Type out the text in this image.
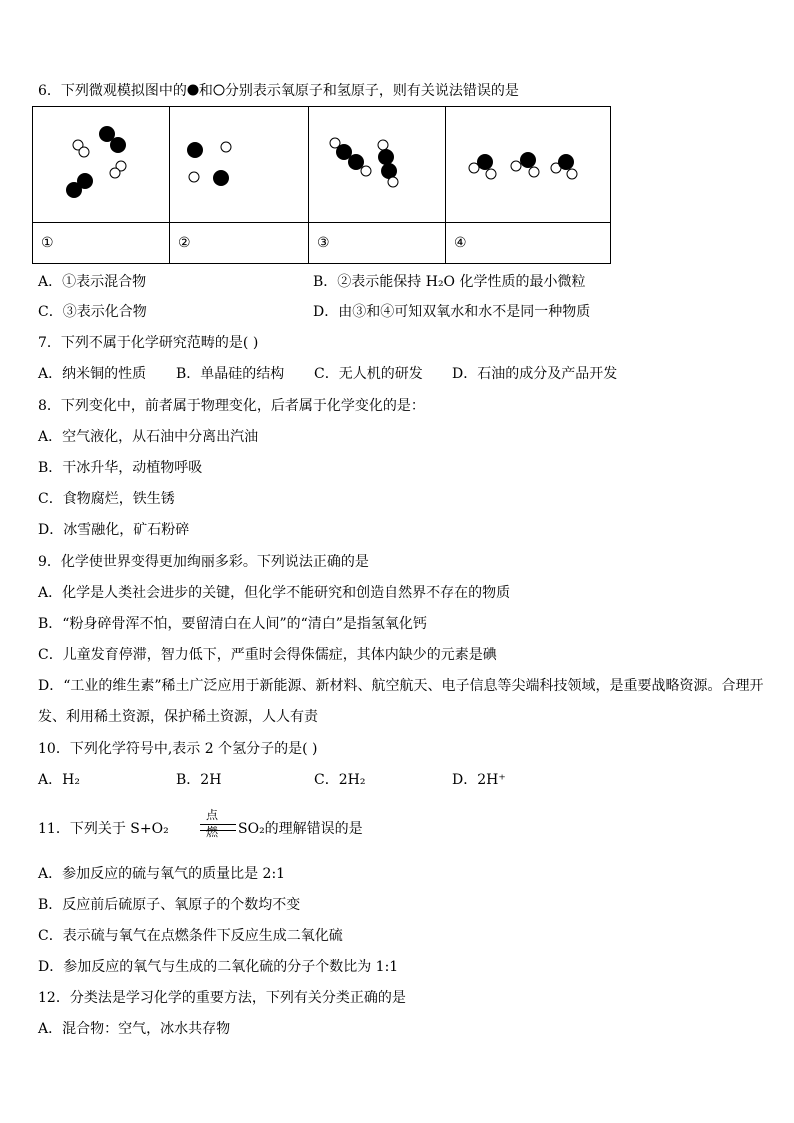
6．下列微观模拟图中的 和 分别表示氧原子和氢原子，则有关说法错误的是

①	②	③	④
A．①表示混合物	B．②表示能保持 H₂O 化学性质的最小微粒
C．③表示化合物	D．由③和④可知双氧水和水不是同一种物质
7．下列不属于化学研究范畴的是( )
A．纳米铜的性质 B．单晶硅的结构 C．无人机的研发 D．石油的成分及产品开发
8．下列变化中，前者属于物理变化，后者属于化学变化的是：
A．空气液化，从石油中分离出汽油
B．干冰升华，动植物呼吸
C．食物腐烂，铁生锈
D．冰雪融化，矿石粉碎
9．化学使世界变得更加绚丽多彩。下列说法正确的是
A．化学是人类社会进步的关键，但化学不能研究和创造自然界不存在的物质
B．“粉身碎骨浑不怕，要留清白在人间”的“清白”是指氢氧化钙
C．儿童发育停滞，智力低下，严重时会得侏儒症，其体内缺少的元素是碘
D．“工业的维生素”稀土广泛应用于新能源、新材料、航空航天、电子信息等尖端科技领域，是重要战略资源。合理开
发、利用稀土资源，保护稀土资源，人人有责
10．下列化学符号中,表示 2 个氢分子的是( )
A．H₂	B．2H	C．2H₂	D．2H⁺
11．下列关于 S+O₂
点燃 SO₂的理解错误的是
A．参加反应的硫与氧气的质量比是 2:1
B．反应前后硫原子、氧原子的个数均不变
C．表示硫与氧气在点燃条件下反应生成二氧化硫
D．参加反应的氧气与生成的二氧化硫的分子个数比为 1:1
12．分类法是学习化学的重要方法，下列有关分类正确的是
A．混合物：空气，冰水共存物
